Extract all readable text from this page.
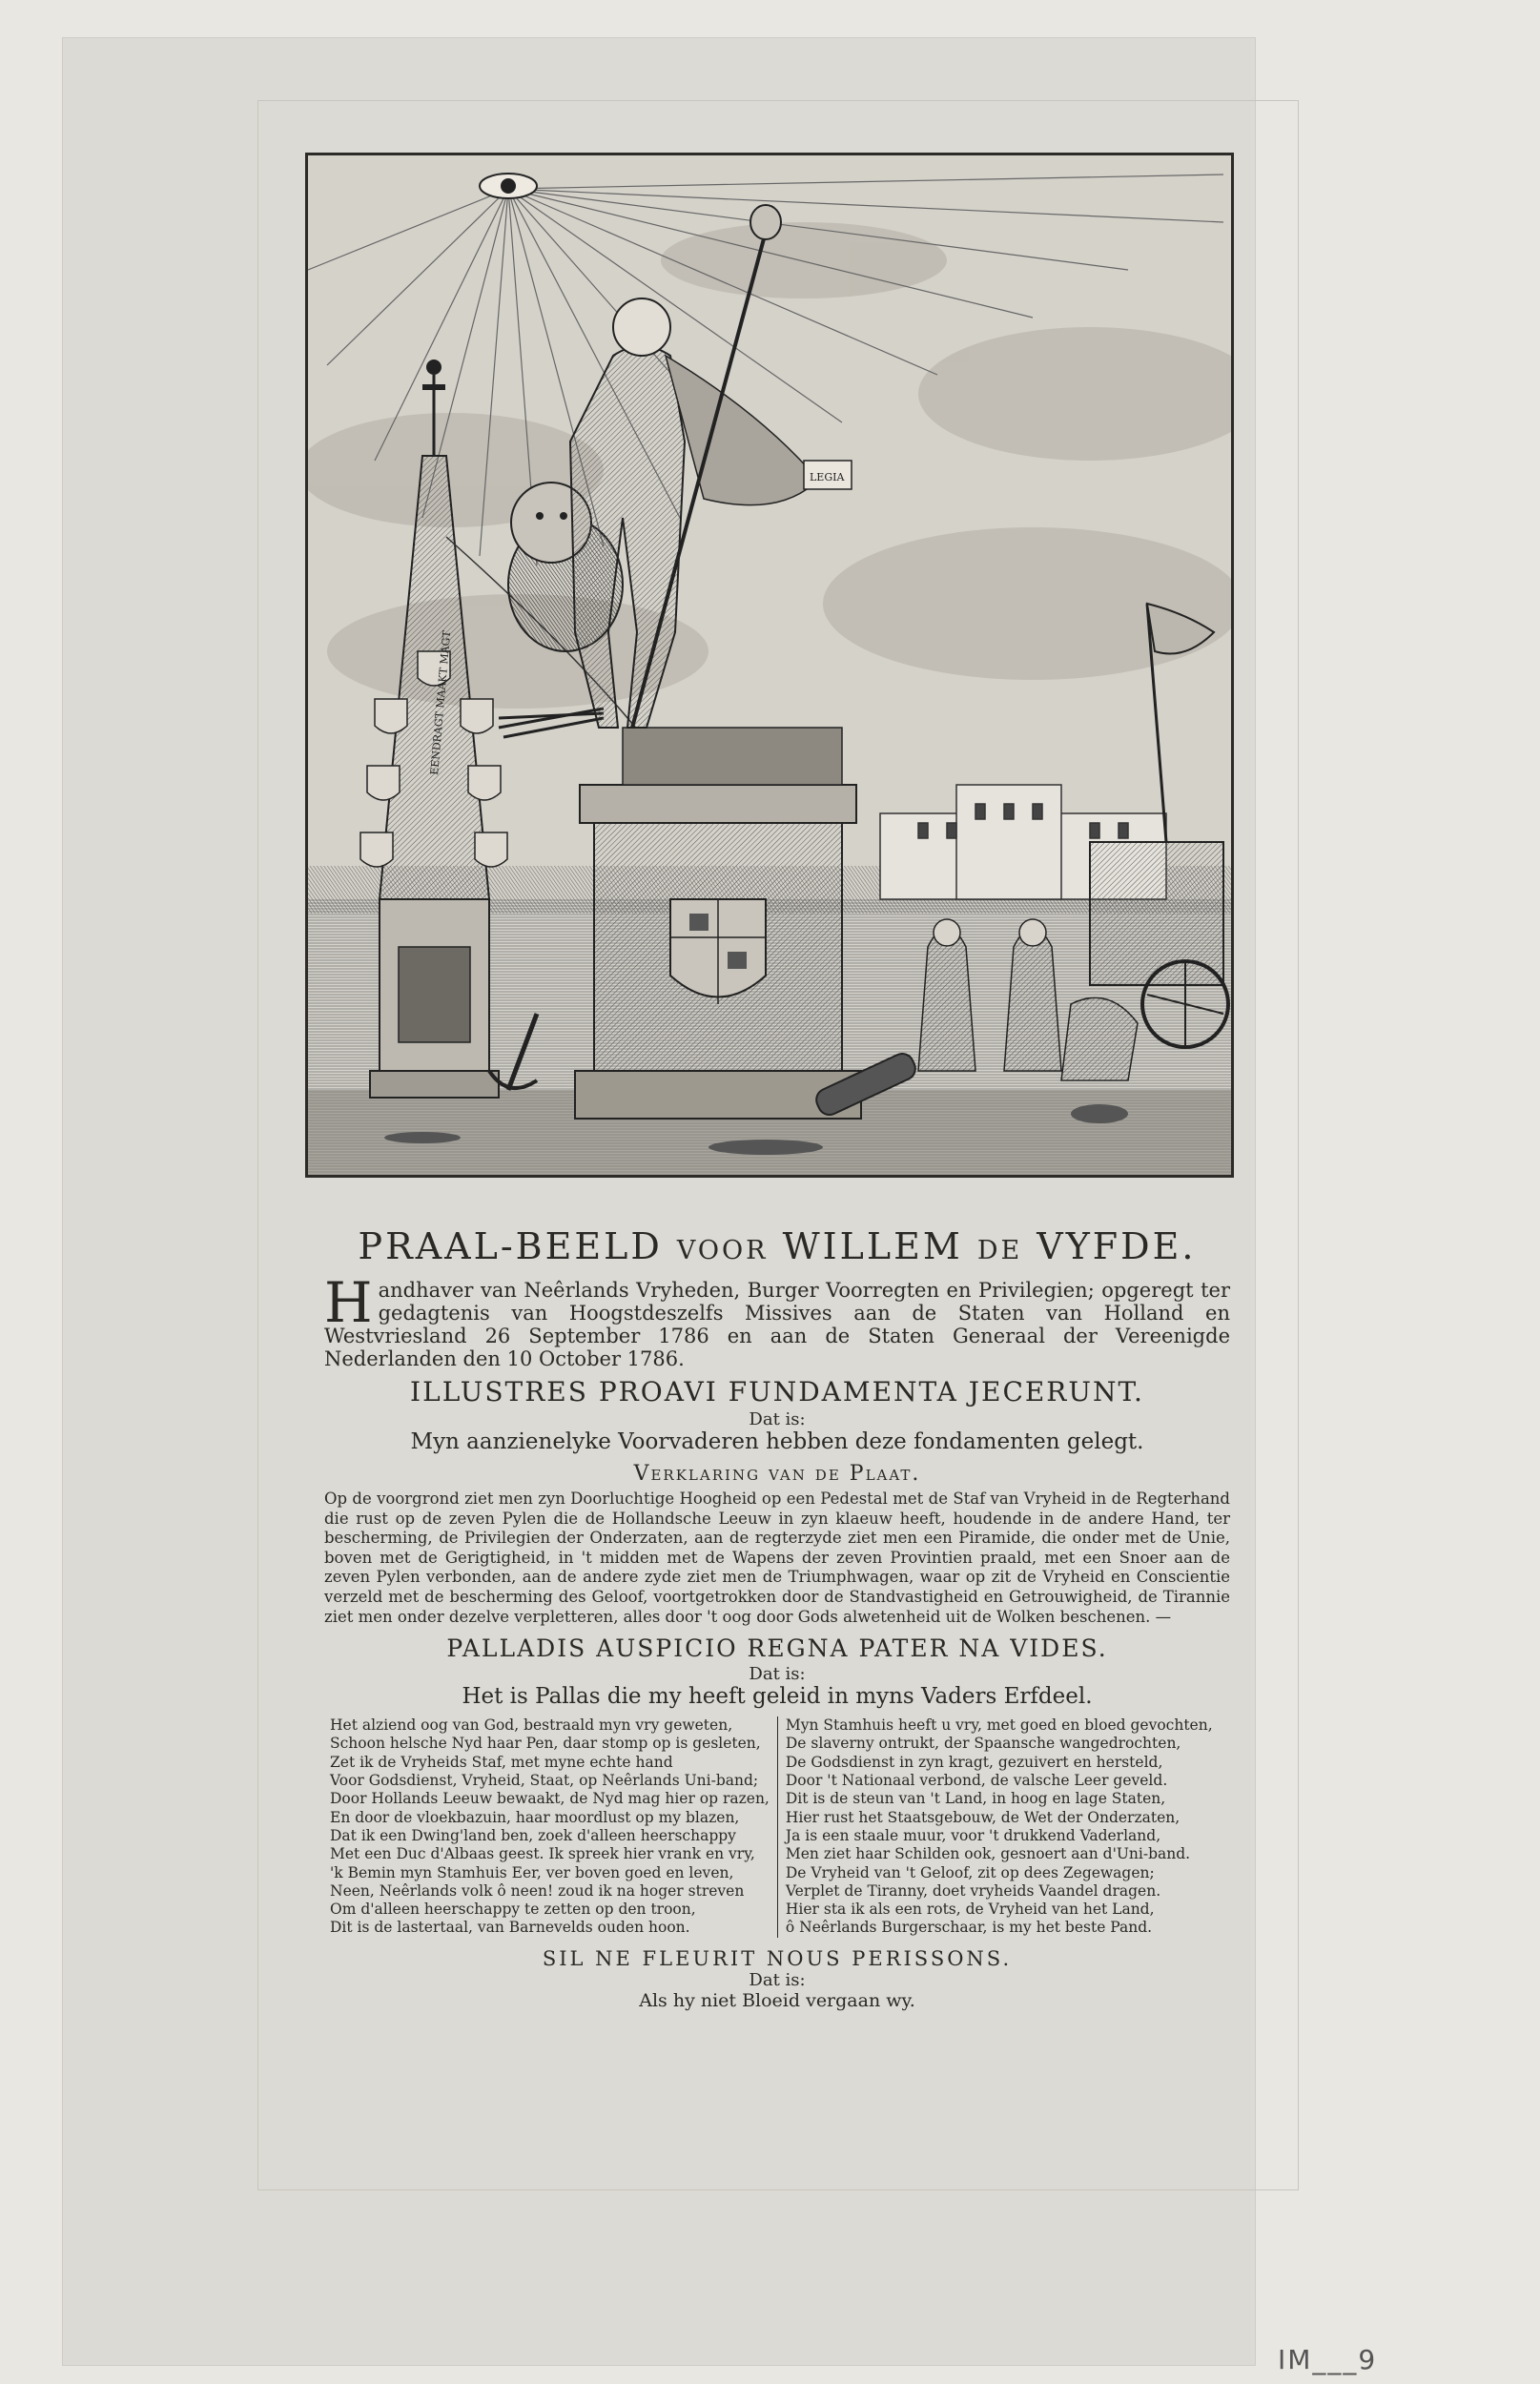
EENDRAGT MAAKT MAGT
LEGIA

PRAAL-BEELD voor WILLEM de VYFDE.

Handhaver van Neêrlands Vryheden, Burger Voorregten en Privilegien; opgeregt ter gedagtenis van Hoogstdeszelfs Missives aan de Staten van Holland en Westvriesland 26 September 1786 en aan de Staten Generaal der Vereenigde Nederlanden den 10 October 1786.

ILLUSTRES PROAVI FUNDAMENTA JECERUNT.

Dat is:

Myn aanzienelyke Voorvaderen hebben deze fondamenten gelegt.

Verklaring van de Plaat.

Op de voorgrond ziet men zyn Doorluchtige Hoogheid op een Pedestal met de Staf van Vryheid in de Regterhand die rust op de zeven Pylen die de Hollandsche Leeuw in zyn klaeuw heeft, houdende in de andere Hand, ter bescherming, de Privilegien der Onderzaten, aan de regterzyde ziet men een Piramide, die onder met de Unie, boven met de Gerigtigheid, in 't midden met de Wapens der zeven Provintien praald, met een Snoer aan de zeven Pylen verbonden, aan de andere zyde ziet men de Triumphwagen, waar op zit de Vryheid en Conscientie verzeld met de bescherming des Geloof, voortgetrokken door de Standvastigheid en Getrouwigheid, de Tirannie ziet men onder dezelve verpletteren, alles door 't oog door Gods alwetenheid uit de Wolken beschenen. —

PALLADIS AUSPICIO REGNA PATER NA VIDES.

Dat is:

Het is Pallas die my heeft geleid in myns Vaders Erfdeel.

Het alziend oog van God, bestraald myn vry geweten,
Schoon helsche Nyd haar Pen, daar stomp op is gesleten,
Zet ik de Vryheids Staf, met myne echte hand
Voor Godsdienst, Vryheid, Staat, op Neêrlands Uni-band;
Door Hollands Leeuw bewaakt, de Nyd mag hier op razen,
En door de vloekbazuin, haar moordlust op my blazen,
Dat ik een Dwing'land ben, zoek d'alleen heerschappy
Met een Duc d'Albaas geest. Ik spreek hier vrank en vry,
'k Bemin myn Stamhuis Eer, ver boven goed en leven,
Neen, Neêrlands volk ô neen! zoud ik na hoger streven
Om d'alleen heerschappy te zetten op den troon,
Dit is de lastertaal, van Barnevelds ouden hoon.
Myn Stamhuis heeft u vry, met goed en bloed gevochten,
De slaverny ontrukt, der Spaansche wangedrochten,
De Godsdienst in zyn kragt, gezuivert en hersteld,
Door 't Nationaal verbond, de valsche Leer geveld.
Dit is de steun van 't Land, in hoog en lage Staten,
Hier rust het Staatsgebouw, de Wet der Onderzaten,
Ja is een staale muur, voor 't drukkend Vaderland,
Men ziet haar Schilden ook, gesnoert aan d'Uni-band.
De Vryheid van 't Geloof, zit op dees Zegewagen;
Verplet de Tiranny, doet vryheids Vaandel dragen.
Hier sta ik als een rots, de Vryheid van het Land,
ô Neêrlands Burgerschaar, is my het beste Pand.

SIL NE FLEURIT NOUS PERISSONS.

Dat is:

Als hy niet Bloeid vergaan wy.

IM___9
